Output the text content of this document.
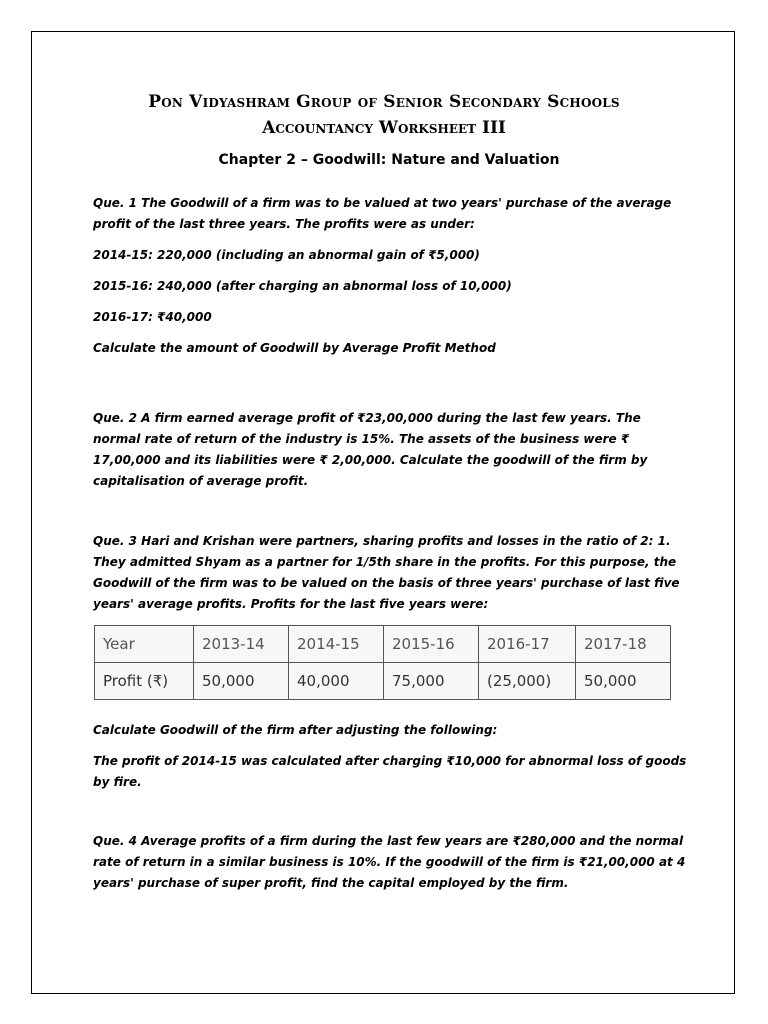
Pon Vidyashram Group of Senior Secondary Schools
Accountancy Worksheet III
Chapter 2 – Goodwill: Nature and Valuation

Que. 1 The Goodwill of a firm was to be valued at two years' purchase of the average profit of the last three years. The profits were as under:

2014-15: 220,000 (including an abnormal gain of ₹5,000)

2015-16: 240,000 (after charging an abnormal loss of 10,000)

2016-17: ₹40,000

Calculate the amount of Goodwill by Average Profit Method

Que. 2 A firm earned average profit of ₹23,00,000 during the last few years. The normal rate of return of the industry is 15%. The assets of the business were ₹ 17,00,000 and its liabilities were ₹ 2,00,000. Calculate the goodwill of the firm by capitalisation of average profit.

Que. 3 Hari and Krishan were partners, sharing profits and losses in the ratio of 2: 1. They admitted Shyam as a partner for 1/5th share in the profits. For this purpose, the Goodwill of the firm was to be valued on the basis of three years' purchase of last five years' average profits. Profits for the last five years were:

Year	2013-14	2014-15	2015-16	2016-17	2017-18
Profit (₹)	50,000	40,000	75,000	(25,000)	50,000

Calculate Goodwill of the firm after adjusting the following:

The profit of 2014-15 was calculated after charging ₹10,000 for abnormal loss of goods by fire.

Que. 4 Average profits of a firm during the last few years are ₹280,000 and the normal rate of return in a similar business is 10%. If the goodwill of the firm is ₹21,00,000 at 4 years' purchase of super profit, find the capital employed by the firm.
